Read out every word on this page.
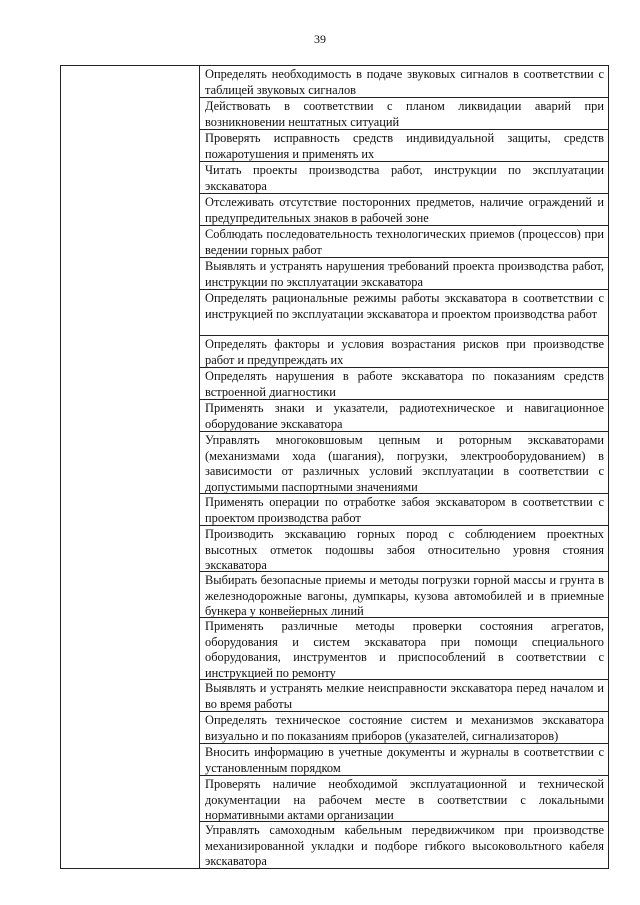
39
Определять необходимость в подаче звуковых сигналов в соответствии с таблицей звуковых сигналов
Действовать в соответствии с планом ликвидации аварий при возникновении нештатных ситуаций
Проверять исправность средств индивидуальной защиты, средств пожаротушения и применять их
Читать проекты производства работ, инструкции по эксплуатации экскаватора
Отслеживать отсутствие посторонних предметов, наличие ограждений и предупредительных знаков в рабочей зоне
Соблюдать последовательность технологических приемов (процессов) при ведении горных работ
Выявлять и устранять нарушения требований проекта производства работ, инструкции по эксплуатации экскаватора
Определять рациональные режимы работы экскаватора в соответствии с инструкцией по эксплуатации экскаватора и проектом производства работ
Определять факторы и условия возрастания рисков при производстве работ и предупреждать их
Определять нарушения в работе экскаватора по показаниям средств встроенной диагностики
Применять знаки и указатели, радиотехническое и навигационное оборудование экскаватора
Управлять многоковшовым цепным и роторным экскаваторами (механизмами хода (шагания), погрузки, электрооборудованием) в зависимости от различных условий эксплуатации в соответствии с допустимыми паспортными значениями
Применять операции по отработке забоя экскаватором в соответствии с проектом производства работ
Производить экскавацию горных пород с соблюдением проектных высотных отметок подошвы забоя относительно уровня стояния экскаватора
Выбирать безопасные приемы и методы погрузки горной массы и грунта в железнодорожные вагоны, думпкары, кузова автомобилей и в приемные бункера у конвейерных линий
Применять различные методы проверки состояния агрегатов, оборудования и систем экскаватора при помощи специального оборудования, инструментов и приспособлений в соответствии с инструкцией по ремонту
Выявлять и устранять мелкие неисправности экскаватора перед началом и во время работы
Определять техническое состояние систем и механизмов экскаватора визуально и по показаниям приборов (указателей, сигнализаторов)
Вносить информацию в учетные документы и журналы в соответствии с установленным порядком
Проверять наличие необходимой эксплуатационной и технической документации на рабочем месте в соответствии с локальными нормативными актами организации
Управлять самоходным кабельным передвижчиком при производстве механизированной укладки и подборе гибкого высоковольтного кабеля экскаватора
